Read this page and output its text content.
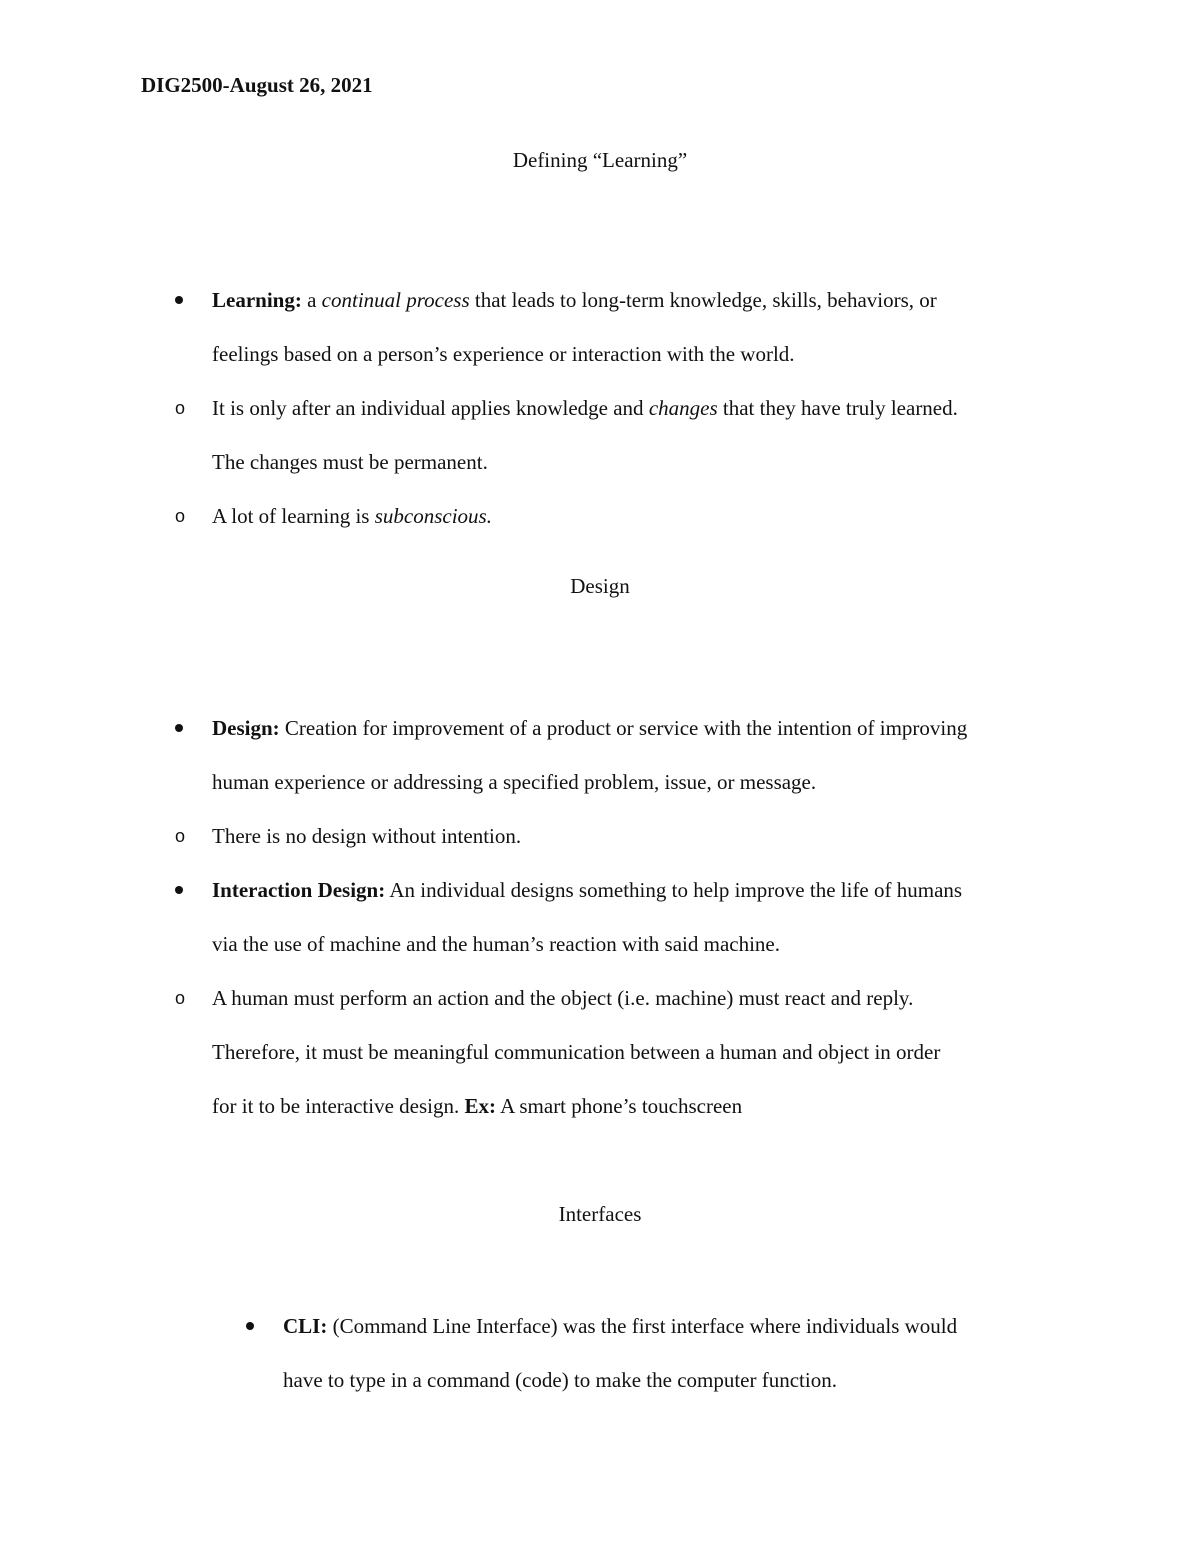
DIG2500-August 26, 2021
Defining “Learning”
Learning: a continual process that leads to long-term knowledge, skills, behaviors, or
feelings based on a person’s experience or interaction with the world.
o It is only after an individual applies knowledge and changes that they have truly learned.
The changes must be permanent.
o A lot of learning is subconscious.
Design
Design: Creation for improvement of a product or service with the intention of improving
human experience or addressing a specified problem, issue, or message.
o There is no design without intention.
Interaction Design: An individual designs something to help improve the life of humans
via the use of machine and the human’s reaction with said machine.
o A human must perform an action and the object (i.e. machine) must react and reply.
Therefore, it must be meaningful communication between a human and object in order
for it to be interactive design. Ex: A smart phone’s touchscreen
Interfaces
CLI: (Command Line Interface) was the first interface where individuals would
have to type in a command (code) to make the computer function.
